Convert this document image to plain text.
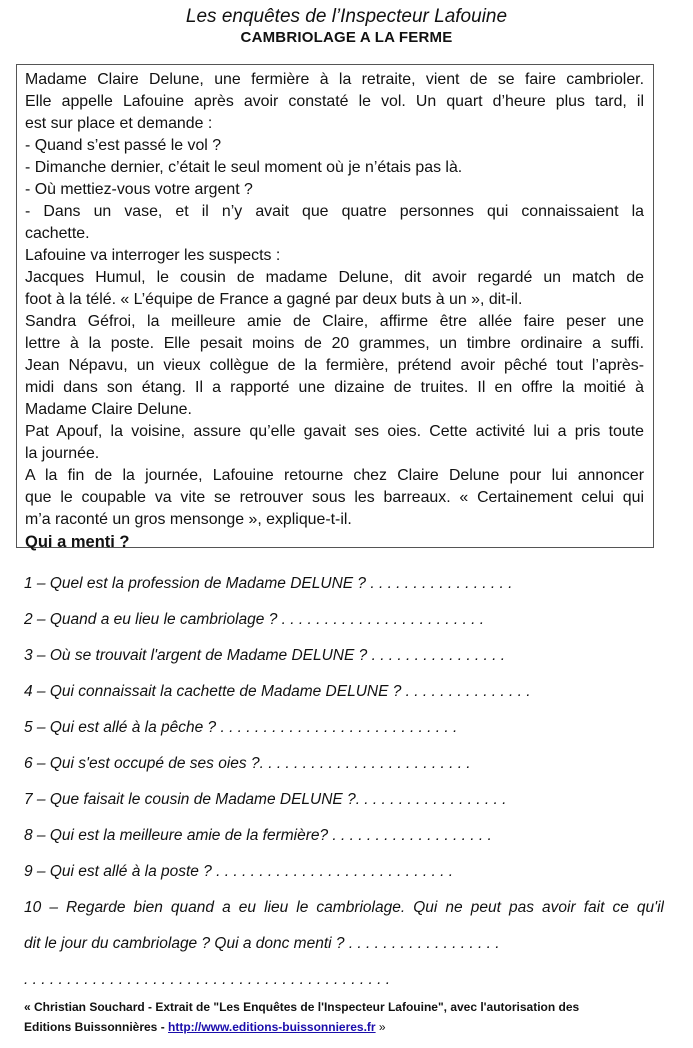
Les enquêtes de l’Inspecteur Lafouine
CAMBRIOLAGE A LA FERME
Madame Claire Delune, une fermière à la retraite, vient de se faire cambrioler.
Elle appelle Lafouine après avoir constaté le vol. Un quart d’heure plus tard, il
est sur place et demande :
- Quand s’est passé le vol ?
- Dimanche dernier, c’était le seul moment où je n’étais pas là.
- Où mettiez-vous votre argent ?
- Dans un vase, et il n’y avait que quatre personnes qui connaissaient la
cachette.
Lafouine va interroger les suspects :
Jacques Humul, le cousin de madame Delune, dit avoir regardé un match de
foot à la télé. « L’équipe de France a gagné par deux buts à un », dit-il.
Sandra Géfroi, la meilleure amie de Claire, affirme être allée faire peser une
lettre à la poste. Elle pesait moins de 20 grammes, un timbre ordinaire a suffi.
Jean Népavu, un vieux collègue de la fermière, prétend avoir pêché tout l’après-
midi dans son étang. Il a rapporté une dizaine de truites. Il en offre la moitié à
Madame Claire Delune.
Pat Apouf, la voisine, assure qu’elle gavait ses oies. Cette activité lui a pris toute
la journée.
A la fin de la journée, Lafouine retourne chez Claire Delune pour lui annoncer
que le coupable va vite se retrouver sous les barreaux. « Certainement celui qui
m’a raconté un gros mensonge », explique-t-il.
Qui a menti ?
1 – Quel est la profession de Madame DELUNE ? . . . . . . . . . . . . . . . . .
2 – Quand a eu lieu le cambriolage ? . . . . . . . . . . . . . . . . . . . . . . . .
3 – Où se trouvait l'argent de Madame DELUNE ? . . . . . . . . . . . . . . . .
4 – Qui connaissait la cachette de Madame DELUNE ? . . . . . . . . . . . . . . .
5 – Qui est allé à la pêche ? . . . . . . . . . . . . . . . . . . . . . . . . . . . .
6 – Qui s'est occupé de ses oies ?. . . . . . . . . . . . . . . . . . . . . . . . .
7 – Que faisait le cousin de Madame DELUNE ?. . . . . . . . . . . . . . . . . .
8 – Qui est la meilleure amie de la fermière? . . . . . . . . . . . . . . . . . . .
9 – Qui est allé à la poste ? . . . . . . . . . . . . . . . . . . . . . . . . . . . .
10 – Regarde bien quand a eu lieu le cambriolage. Qui ne peut pas avoir fait ce qu'il
dit le jour du cambriolage ? Qui a donc menti ? . . . . . . . . . . . . . . . . . .
. . . . . . . . . . . . . . . . . . . . . . . . . . . . . . . . . . . . . . . . . . .
« Christian Souchard - Extrait de "Les Enquêtes de l'Inspecteur Lafouine", avec l'autorisation des
Editions Buissonnières - http://www.editions-buissonnieres.fr »
